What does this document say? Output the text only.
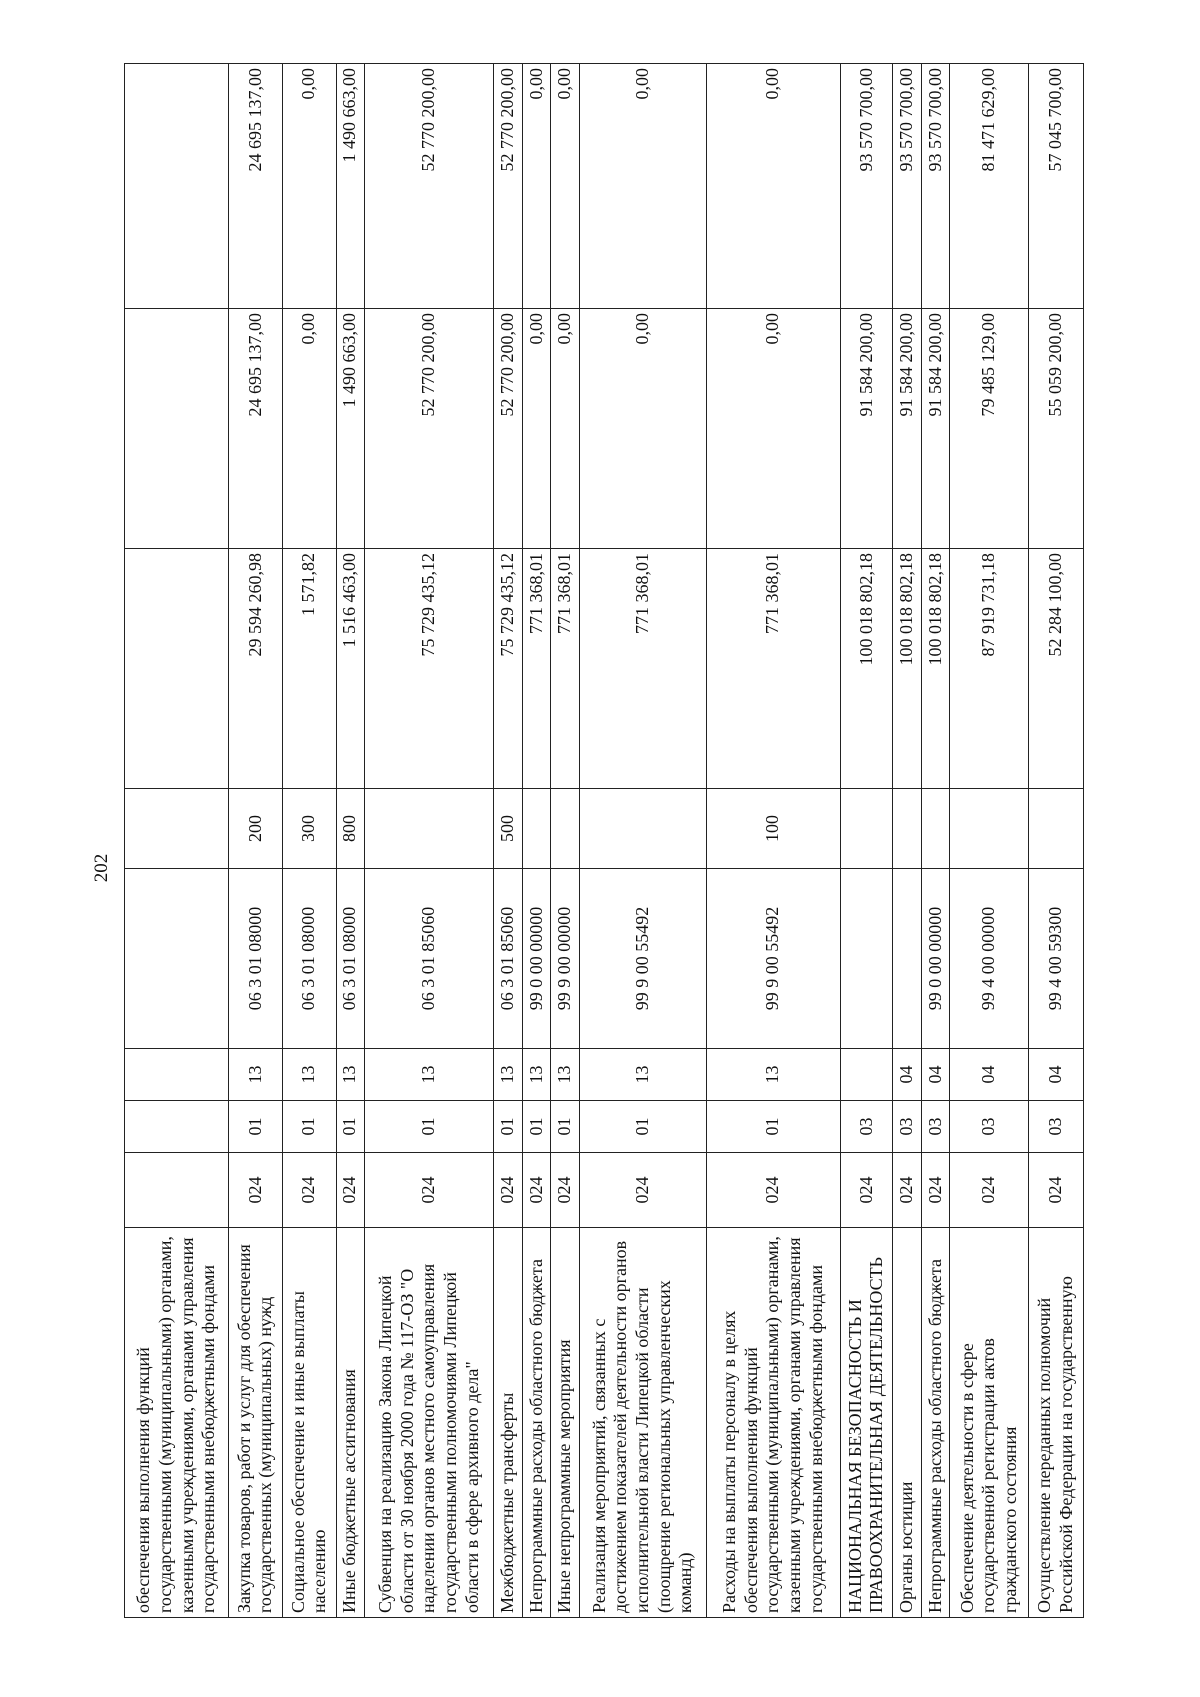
202
обеспечения выполнения функций государственными (муниципальными) органами, казенными учреждениями, органами управления государственными внебюджетными фондами								
Закупка товаров, работ и услуг для обеспечения государственных (муниципальных) нужд	024	01	13	06 3 01 08000	200	29 594 260,98	24 695 137,00	24 695 137,00
Социальное обеспечение и иные выплаты населению	024	01	13	06 3 01 08000	300	1 571,82	0,00	0,00
Иные бюджетные ассигнования	024	01	13	06 3 01 08000	800	1 516 463,00	1 490 663,00	1 490 663,00
Субвенция на реализацию Закона Липецкой области от 30 ноября 2000 года № 117-ОЗ "О наделении органов местного самоуправления государственными полномочиями Липецкой области в сфере архивного дела"	024	01	13	06 3 01 85060		75 729 435,12	52 770 200,00	52 770 200,00
Межбюджетные трансферты	024	01	13	06 3 01 85060	500	75 729 435,12	52 770 200,00	52 770 200,00
Непрограммные расходы областного бюджета	024	01	13	99 0 00 00000		771 368,01	0,00	0,00
Иные непрограммные мероприятия	024	01	13	99 9 00 00000		771 368,01	0,00	0,00
Реализация мероприятий, связанных с достижением показателей деятельности органов исполнительной власти Липецкой области (поощрение региональных управленческих команд)	024	01	13	99 9 00 55492		771 368,01	0,00	0,00
Расходы на выплаты персоналу в целях обеспечения выполнения функций государственными (муниципальными) органами, казенными учреждениями, органами управления государственными внебюджетными фондами	024	01	13	99 9 00 55492	100	771 368,01	0,00	0,00
НАЦИОНАЛЬНАЯ БЕЗОПАСНОСТЬ И ПРАВООХРАНИТЕЛЬНАЯ ДЕЯТЕЛЬНОСТЬ	024	03				100 018 802,18	91 584 200,00	93 570 700,00
Органы юстиции	024	03	04			100 018 802,18	91 584 200,00	93 570 700,00
Непрограммные расходы областного бюджета	024	03	04	99 0 00 00000		100 018 802,18	91 584 200,00	93 570 700,00
Обеспечение деятельности в сфере государственной регистрации актов гражданского состояния	024	03	04	99 4 00 00000		87 919 731,18	79 485 129,00	81 471 629,00
Осуществление переданных полномочий Российской Федерации на государственную	024	03	04	99 4 00 59300		52 284 100,00	55 059 200,00	57 045 700,00
